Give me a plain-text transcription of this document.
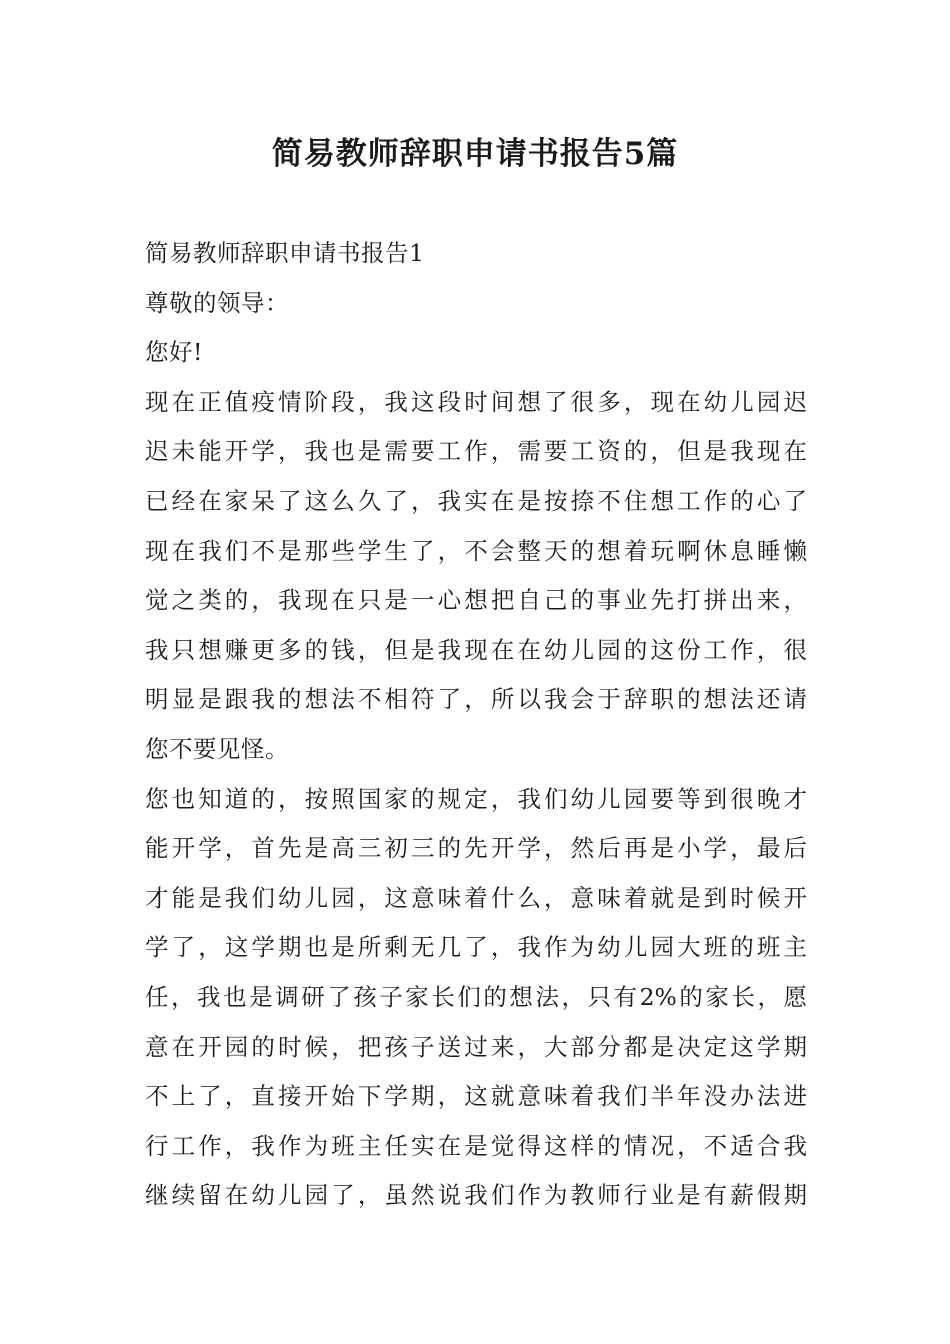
简易教师辞职申请书报告5篇
简易教师辞职申请书报告1
尊敬的领导：
您好!
现在正值疫情阶段，我这段时间想了很多，现在幼儿园迟
迟未能开学，我也是需要工作，需要工资的，但是我现在
已经在家呆了这么久了，我实在是按捺不住想工作的心了
现在我们不是那些学生了，不会整天的想着玩啊休息睡懒
觉之类的，我现在只是一心想把自己的事业先打拼出来，
我只想赚更多的钱，但是我现在在幼儿园的这份工作，很
明显是跟我的想法不相符了，所以我会于辞职的想法还请
您不要见怪。
您也知道的，按照国家的规定，我们幼儿园要等到很晚才
能开学，首先是高三初三的先开学，然后再是小学，最后
才能是我们幼儿园，这意味着什么，意味着就是到时候开
学了，这学期也是所剩无几了，我作为幼儿园大班的班主
任，我也是调研了孩子家长们的想法，只有2%的家长，愿
意在开园的时候，把孩子送过来，大部分都是决定这学期
不上了，直接开始下学期，这就意味着我们半年没办法进
行工作，我作为班主任实在是觉得这样的情况，不适合我
继续留在幼儿园了，虽然说我们作为教师行业是有薪假期
